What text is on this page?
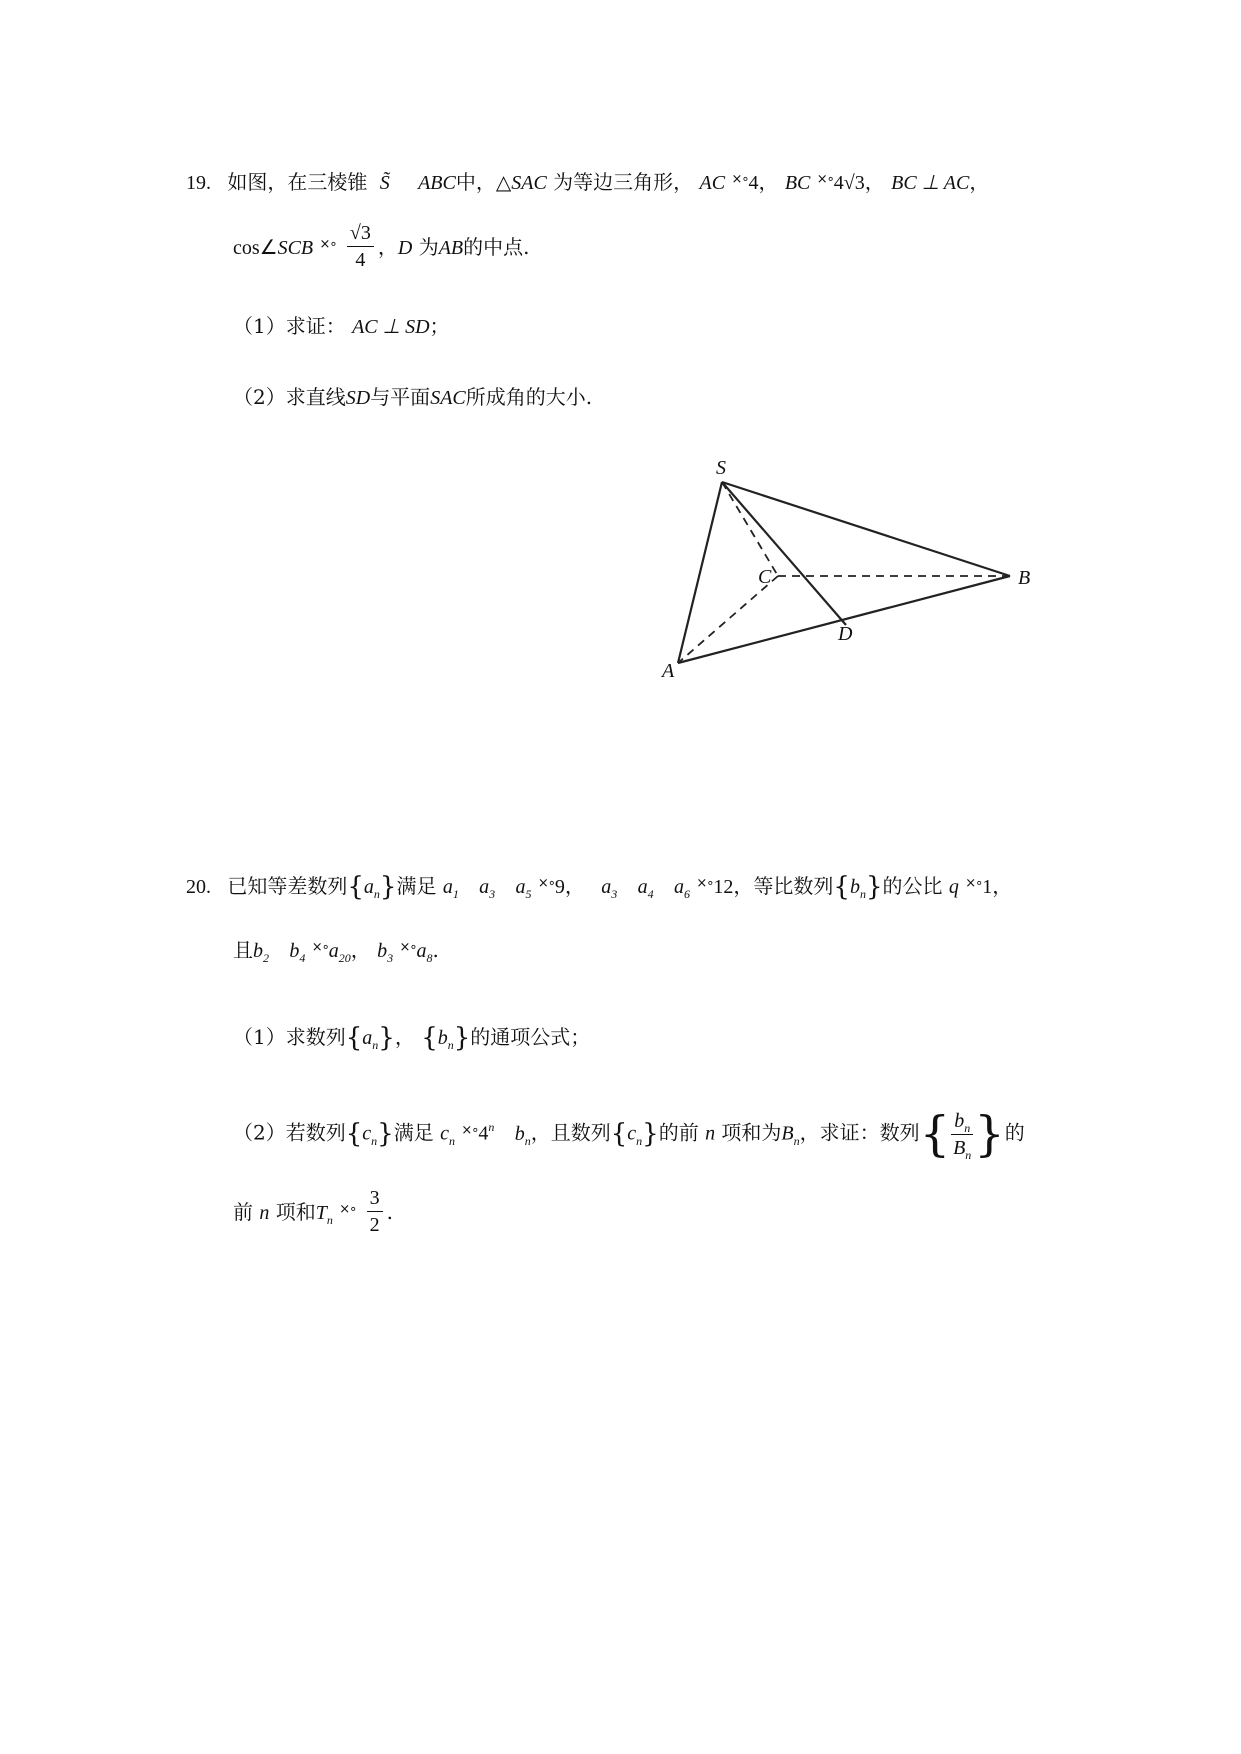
19. 如图，在三棱锥 S̃ ABC中，△SAC 为等边三角形， AC ×∘4， BC ×∘4√3， BC ⊥ AC，
cos∠SCB $^{\times\circ} \frac{√3}{4}$ ，D 为AB的中点.
（1）求证： AC ⊥ SD；
（2）求直线SD与平面SAC所成角的大小.
S
C	B
D
A
20. 已知等差数列$\{a_n\}$满足 $a_1$ $a_3$ $a_5$ ×∘9， $a_3$ $a_4$ $a_6$ ×∘12，等比数列$\{b_n\}$的公比 q ×∘1，
且$b_2$ $b_4$ $^{\times\circ}a_{20}$， $b_3$ $^{\times\circ}a_8$.
（1）求数列$\{a_n\}$， $\{b_n\}$的通项公式；
（2）若数列$\{c_n\}$满足 $c_n$ ×∘4$^n$ $b_n$，且数列$\{c_n\}$的前 n 项和为$B_n$，求证：数列{ $\frac{b_n}{B_n}$ }的
前 n 项和$T_n$ $^{\times\circ} \frac{3}{2}$ .
